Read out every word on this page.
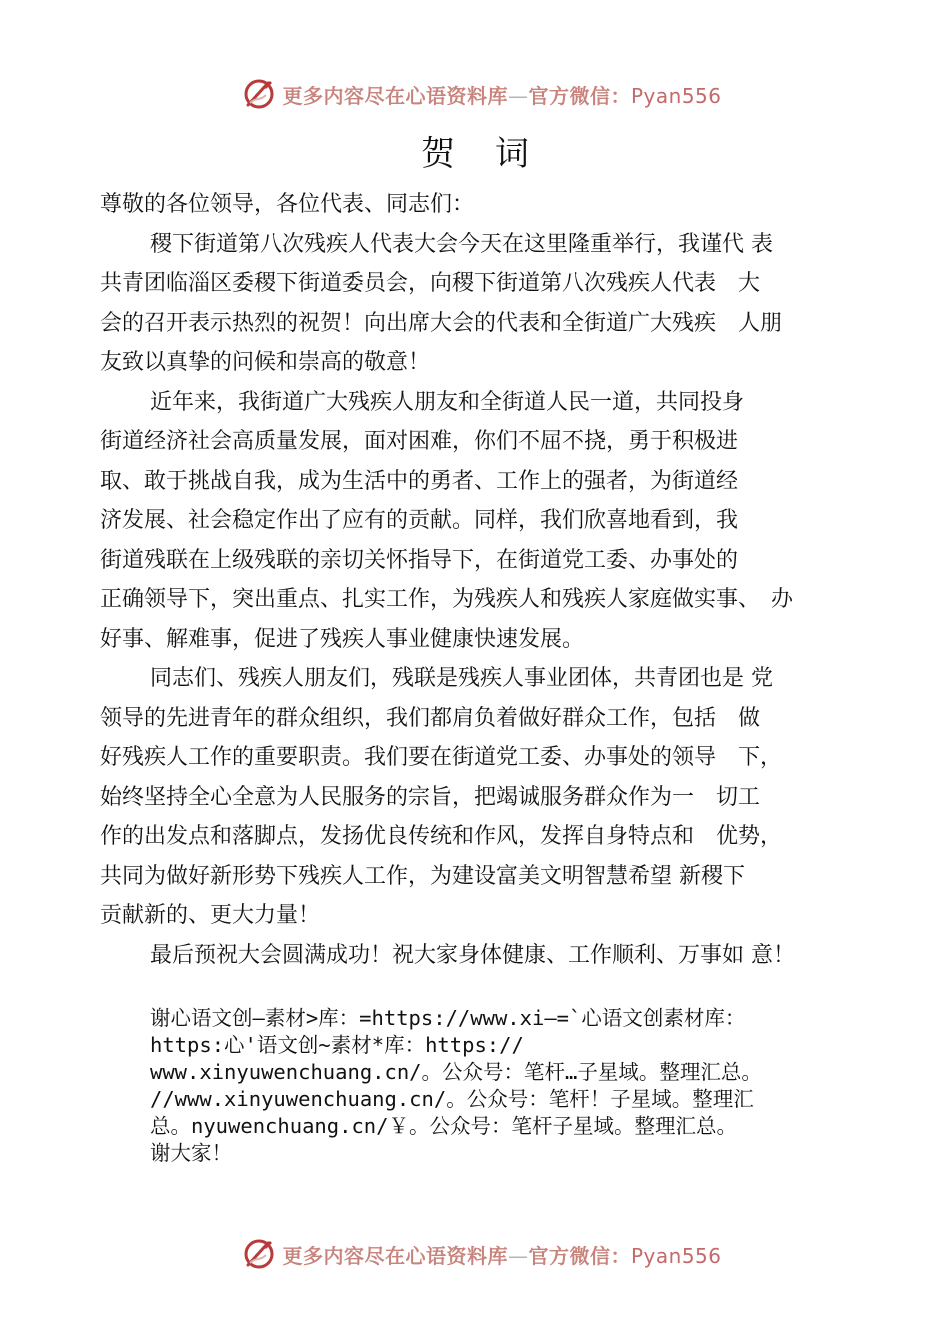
更多内容尽在心语资料库—官方微信：Pyan556
贺词
尊敬的各位领导，各位代表、同志们：
稷下街道第八次残疾人代表大会今天在这里隆重举行，我谨代 表
共青团临淄区委稷下街道委员会，向稷下街道第八次残疾人代表　大
会的召开表示热烈的祝贺！向出席大会的代表和全街道广大残疾　人朋
友致以真挚的问候和崇高的敬意！
近年来，我街道广大残疾人朋友和全街道人民一道，共同投身
街道经济社会高质量发展，面对困难，你们不屈不挠，勇于积极进
取、敢于挑战自我，成为生活中的勇者、工作上的强者，为街道经
济发展、社会稳定作出了应有的贡献。同样，我们欣喜地看到，我
街道残联在上级残联的亲切关怀指导下，在街道党工委、办事处的
正确领导下，突出重点、扎实工作，为残疾人和残疾人家庭做实事、　办
好事、解难事，促进了残疾人事业健康快速发展。
同志们、残疾人朋友们，残联是残疾人事业团体，共青团也是 党
领导的先进青年的群众组织，我们都肩负着做好群众工作，包括　做
好残疾人工作的重要职责。我们要在街道党工委、办事处的领导　下，
始终坚持全心全意为人民服务的宗旨，把竭诚服务群众作为一　切工
作的出发点和落脚点，发扬优良传统和作风，发挥自身特点和　优势，
共同为做好新形势下残疾人工作，为建设富美文明智慧希望 新稷下
贡献新的、更大力量！
最后预祝大会圆满成功！祝大家身体健康、工作顺利、万事如 意！
谢心语文创—素材>库：=https://www.xi—=`心语文创素材库：
https:心'语文创~素材*库：https://
www.xinyuwenchuang.cn/。公众号：笔杆…子星域。整理汇总。
//www.xinyuwenchuang.cn/。公众号：笔杆！子星域。整理汇
总。nyuwenchuang.cn/￥。公众号：笔杆子星域。整理汇总。
谢大家！
更多内容尽在心语资料库—官方微信：Pyan556
